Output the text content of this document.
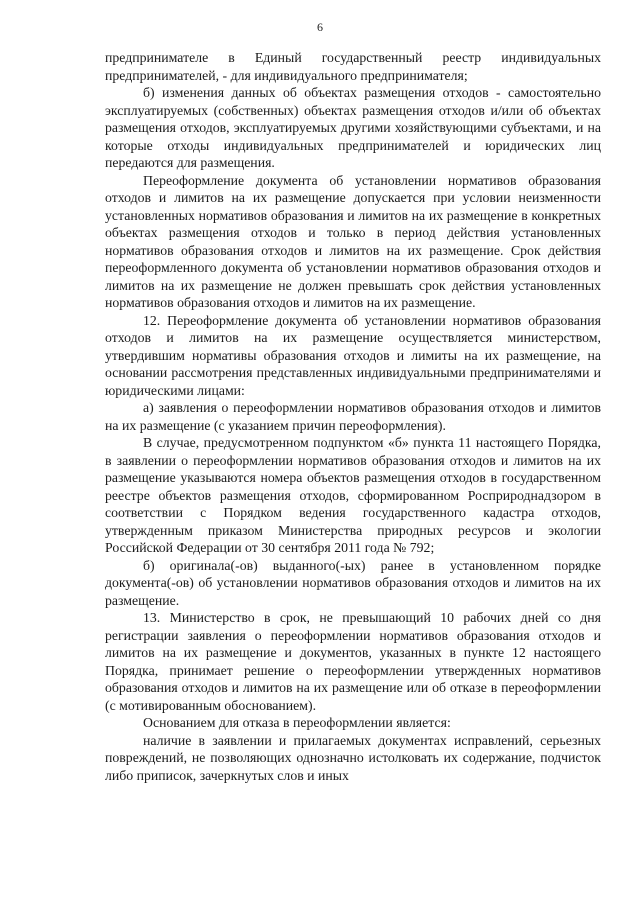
6

предпринимателе в Единый государственный реестр индивидуальных предпринимателей, - для индивидуального предпринимателя;

б) изменения данных об объектах размещения отходов - самостоятельно эксплуатируемых (собственных) объектах размещения отходов и/или об объектах размещения отходов, эксплуатируемых другими хозяйствующими субъектами, и на которые отходы индивидуальных предпринимателей и юридических лиц передаются для размещения.

Переоформление документа об установлении нормативов образования отходов и лимитов на их размещение допускается при условии неизменности установленных нормативов образования и лимитов на их размещение в конкретных объектах размещения отходов и только в период действия установленных нормативов образования отходов и лимитов на их размещение. Срок действия переоформленного документа об установлении нормативов образования отходов и лимитов на их размещение не должен превышать срок действия установленных нормативов образования отходов и лимитов на их размещение.

12. Переоформление документа об установлении нормативов образования отходов и лимитов на их размещение осуществляется министерством, утвердившим нормативы образования отходов и лимиты на их размещение, на основании рассмотрения представленных индивидуальными предпринимателями и юридическими лицами:

а) заявления о переоформлении нормативов образования отходов и лимитов на их размещение (с указанием причин переоформления).

В случае, предусмотренном подпунктом «б» пункта 11 настоящего Порядка, в заявлении о переоформлении нормативов образования отходов и лимитов на их размещение указываются номера объектов размещения отходов в государственном реестре объектов размещения отходов, сформированном Росприроднадзором в соответствии с Порядком ведения государственного кадастра отходов, утвержденным приказом Министерства природных ресурсов и экологии Российской Федерации от 30 сентября 2011 года № 792;

б) оригинала(-ов) выданного(-ых) ранее в установленном порядке документа(-ов) об установлении нормативов образования отходов и лимитов на их размещение.

13. Министерство в срок, не превышающий 10 рабочих дней со дня регистрации заявления о переоформлении нормативов образования отходов и лимитов на их размещение и документов, указанных в пункте 12 настоящего Порядка, принимает решение о переоформлении утвержденных нормативов образования отходов и лимитов на их размещение или об отказе в переоформлении (с мотивированным обоснованием).

Основанием для отказа в переоформлении является:

наличие в заявлении и прилагаемых документах исправлений, серьезных повреждений, не позволяющих однозначно истолковать их содержание, подчисток либо приписок, зачеркнутых слов и иных
